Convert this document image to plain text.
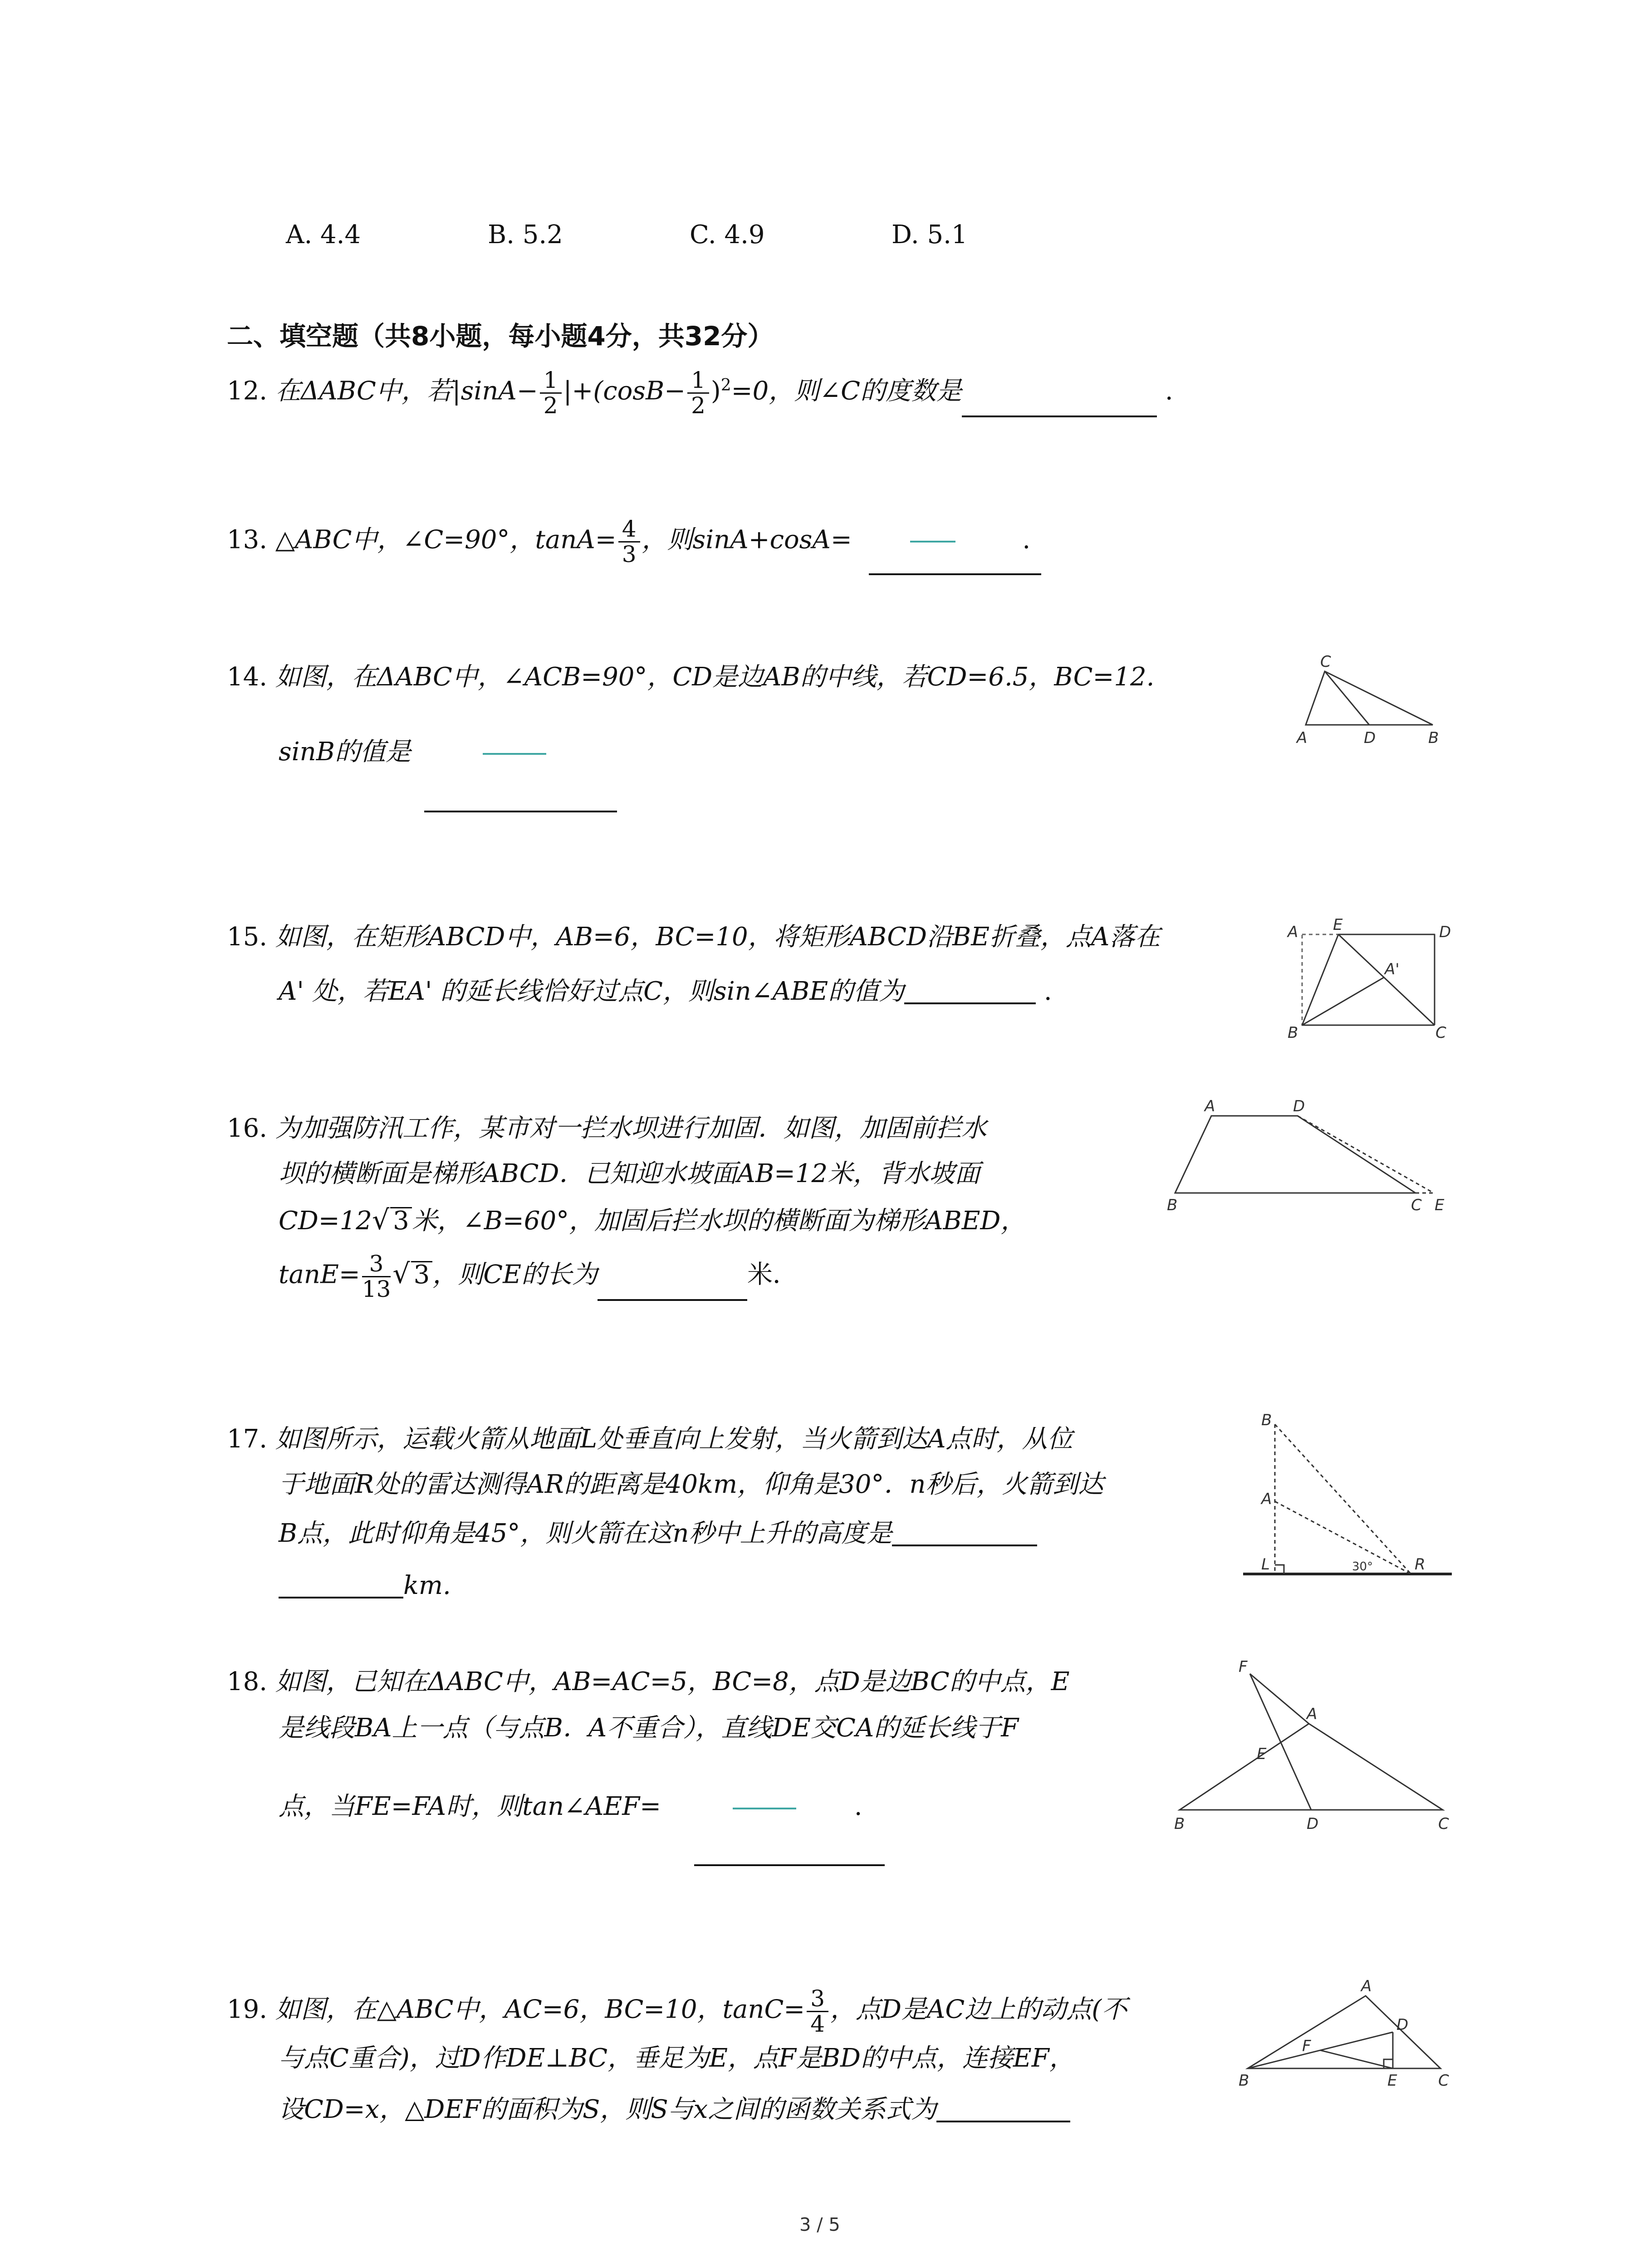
A. 4.4	B. 5.2	C. 4.9	D. 5.1
二、填空题（共8小题，每小题4分，共32分）
12. 在ΔABC中，若$|\sin A- \frac{1}{2} |+(\cos B- \frac{1}{2} )^2=0$，则∠C的度数是	.
13. △ABC中，∠C=90°，$\tan A= \frac{4}{3}$ ，则sinA+cosA=	.
14. 如图，在ΔABC中，∠ACB=90°，CD是边AB的中线，若CD=6.5，BC=12.
sinB的值是
C
A	D	B
15. 如图，在矩形ABCD中，AB=6，BC=10，将矩形ABCD沿BE折叠，点A落在
A' 处，若EA' 的延长线恰好过点C，则sin∠ABE的值为	.
A E	D
A'
B	C
16. 为加强防汛工作，某市对一拦水坝进行加固．如图，加固前拦水
坝的横断面是梯形ABCD．已知迎水坡面AB=12米，背水坡面
CD=12√ 3 米，∠B=60°，加固后拦水坝的横断面为梯形ABED，
$\tan E= \frac{3}{13}$ √ 3 ，则CE的长为	米．
A	D
B	C E
17. 如图所示，运载火箭从地面L处垂直向上发射，当火箭到达A点时，从位
于地面R处的雷达测得AR的距离是40km，仰角是30°．n秒后，火箭到达
B点，此时仰角是45°，则火箭在这n秒中上升的高度是
km.
B
A
L	30°	R
18. 如图，已知在ΔABC中，AB=AC=5，BC=8，点D是边BC的中点，E
是线段BA上一点（与点B．A不重合），直线DE交CA的延长线于F
点，当FE=FA时，则tan∠AEF=	.
F
A
E
B	D	C
19. 如图，在△ABC中，AC=6，BC=10，$\tan C= \frac{3}{4}$ ，点D是AC边上的动点(不
与点C重合)，过D作DE⊥BC，垂足为E，点F是BD的中点，连接EF，
设CD=x，△DEF的面积为S，则S与x之间的函数关系式为
A
D
F
B	E	C
3 / 5
